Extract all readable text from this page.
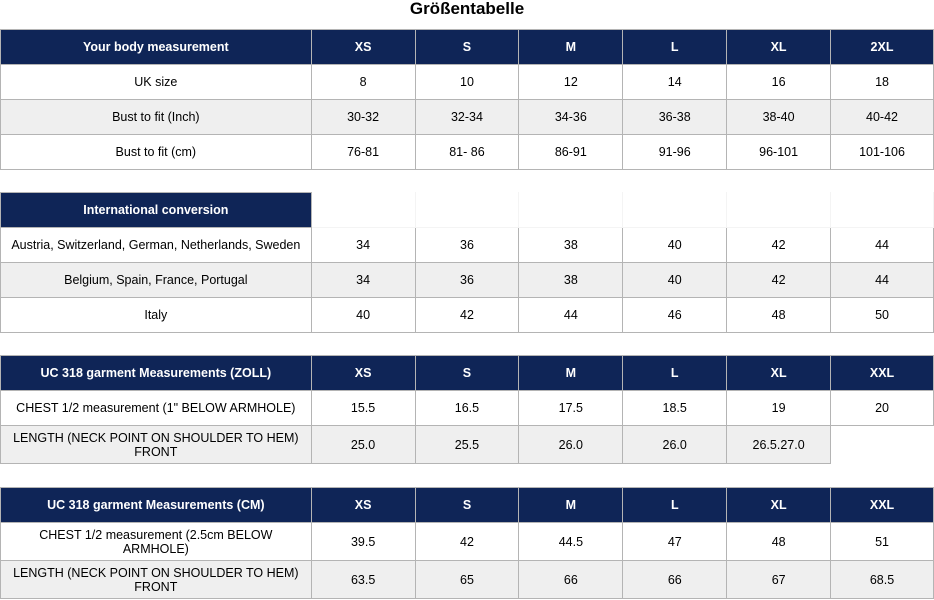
Größentabelle
Your body measurement	XS	S	M	L	XL	2XL
UK size	8	10	12	14	16	18
Bust to fit (Inch)	30-32	32-34	34-36	36-38	38-40	40-42
Bust to fit (cm)	76-81	81- 86	86-91	91-96	96-101	101-106
International conversion						
Austria, Switzerland, German, Netherlands, Sweden	34	36	38	40	42	44
Belgium, Spain, France, Portugal	34	36	38	40	42	44
Italy	40	42	44	46	48	50
UC 318 garment Measurements (ZOLL)	XS	S	M	L	XL	XXL
CHEST 1/2 measurement (1" BELOW ARMHOLE)	15.5	16.5	17.5	18.5	19	20
LENGTH (NECK POINT ON SHOULDER TO HEM) FRONT	25.0	25.5	26.0	26.0	26.5.27.0	
UC 318 garment Measurements (CM)	XS	S	M	L	XL	XXL
CHEST 1/2 measurement (2.5cm BELOW ARMHOLE)	39.5	42	44.5	47	48	51
LENGTH (NECK POINT ON SHOULDER TO HEM) FRONT	63.5	65	66	66	67	68.5
